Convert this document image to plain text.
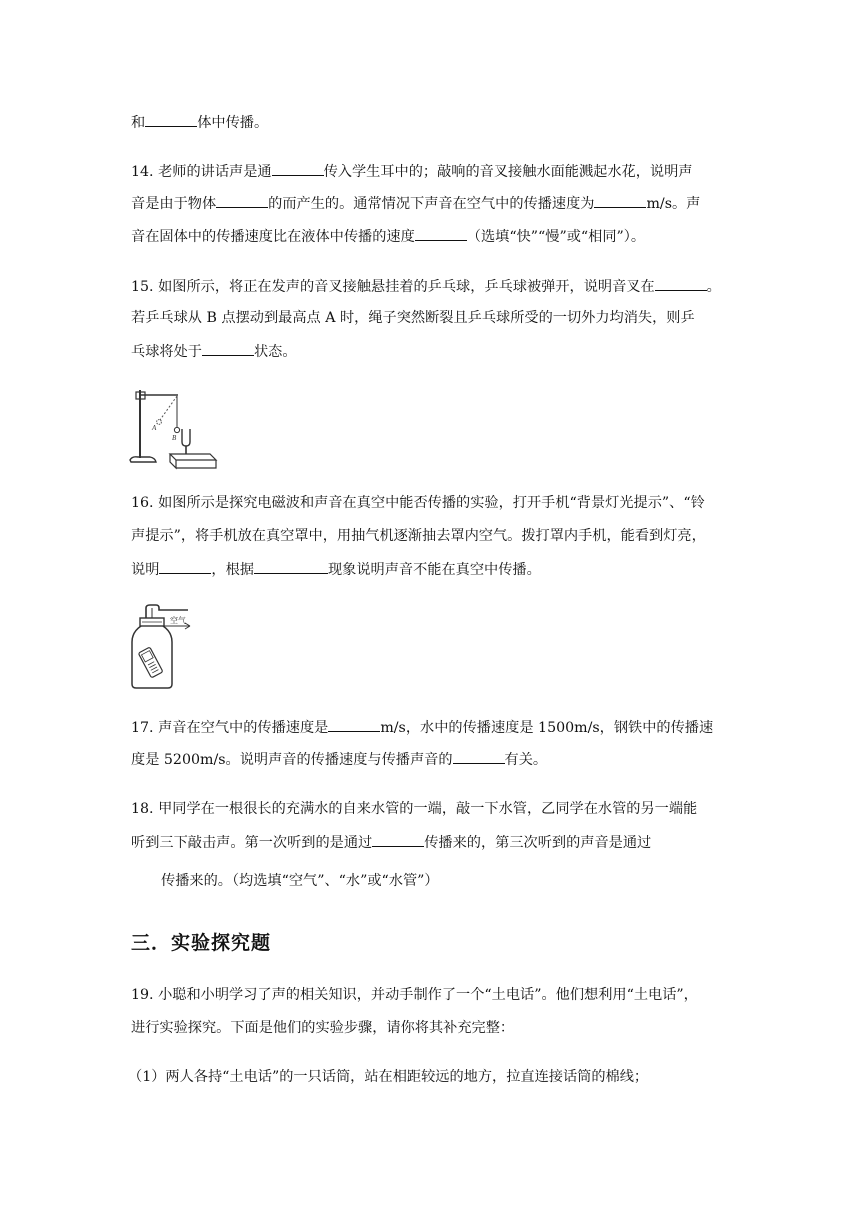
和	体中传播。
14. 老师的讲话声是通	传入学生耳中的；敲响的音叉接触水面能溅起水花，说明声
音是由于物体	的而产生的。通常情况下声音在空气中的传播速度为	m/s。声
音在固体中的传播速度比在液体中传播的速度	（选填“快”“慢”或“相同”）。
15. 如图所示，将正在发声的音叉接触悬挂着的乒乓球，乒乓球被弹开，说明音叉在	。
若乒乓球从 B 点摆动到最高点 A 时，绳子突然断裂且乒乓球所受的一切外力均消失，则乒
乓球将处于	状态。
A
B
16. 如图所示是探究电磁波和声音在真空中能否传播的实验，打开手机“背景灯光提示”、“铃
声提示”，将手机放在真空罩中，用抽气机逐渐抽去罩内空气。拨打罩内手机，能看到灯亮，
说明	，根据	现象说明声音不能在真空中传播。
空气
17. 声音在空气中的传播速度是	m/s，水中的传播速度是 1500m/s，钢铁中的传播速
度是 5200m/s。说明声音的传播速度与传播声音的	有关。
18. 甲同学在一根很长的充满水的自来水管的一端，敲一下水管，乙同学在水管的另一端能
听到三下敲击声。第一次听到的是通过	传播来的，第三次听到的声音是通过
传播来的。（均选填“空气”、“水”或“水管”）
三．实验探究题
19. 小聪和小明学习了声的相关知识，并动手制作了一个“土电话”。他们想利用“土电话”，
进行实验探究。下面是他们的实验步骤，请你将其补充完整：
（1）两人各持“土电话”的一只话筒，站在相距较远的地方，拉直连接话筒的棉线；
